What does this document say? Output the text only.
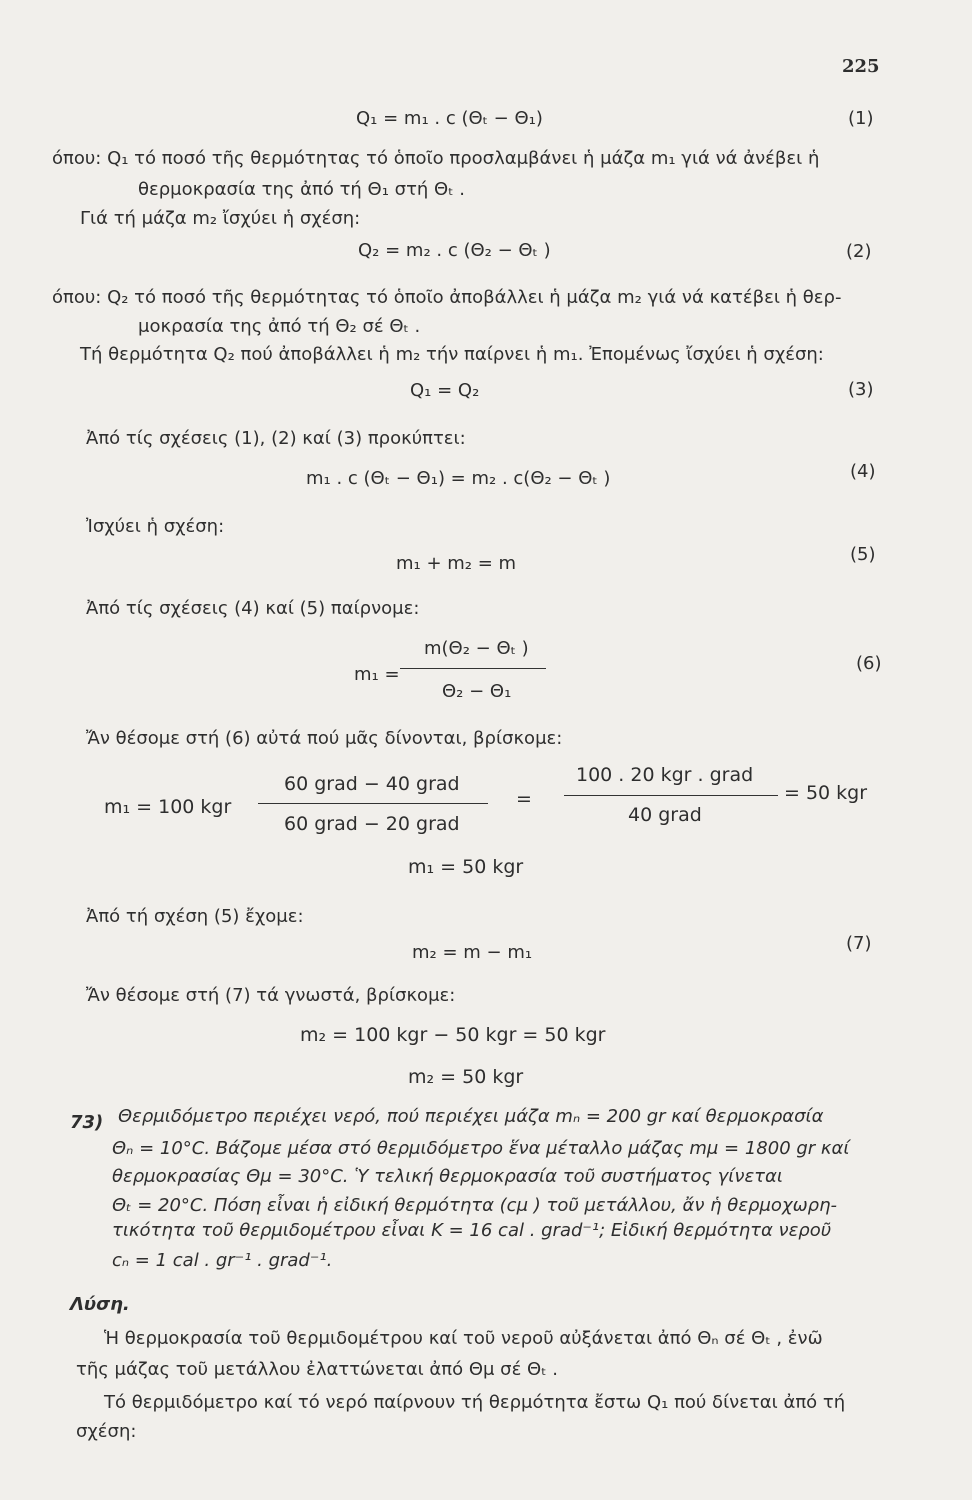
225
Q₁ = m₁ . c (Θₜ − Θ₁)	(1)
όπου: Q₁ τό ποσό τῆς θερμότητας τό ὁποῖο προσλαμβάνει ἡ μάζα m₁ γιά νά ἀνέβει ἡ
θερμοκρασία της ἀπό τή Θ₁ στή Θₜ .
Γιά τή μάζα m₂ ἴσχύει ἡ σχέση:
Q₂ = m₂ . c (Θ₂ − Θₜ )	(2)
όπου: Q₂ τό ποσό τῆς θερμότητας τό ὁποῖο ἀποβάλλει ἡ μάζα m₂ γιά νά κατέβει ἡ θερ-
μοκρασία της ἀπό τή Θ₂ σέ Θₜ .
Τή θερμότητα Q₂ πού ἀποβάλλει ἡ m₂ τήν παίρνει ἡ m₁. Ἐπομένως ἴσχύει ἡ σχέση:
Q₁ = Q₂	(3)
Ἀπό τίς σχέσεις (1), (2) καί (3) προκύπτει:
m₁ . c (Θₜ − Θ₁) = m₂ . c(Θ₂ − Θₜ )	(4)
Ἰσχύει ἡ σχέση:
m₁ + m₂ = m	(5)
Ἀπό τίς σχέσεις (4) καί (5) παίρνομε:
m₁ =
m(Θ₂ − Θₜ )
Θ₂ − Θ₁
(6)
Ἄν θέσομε στή (6) αὐτά πού μᾶς δίνονται, βρίσκομε:
m₁ = 100 kgr
60 grad − 40 grad
60 grad − 20 grad
=
100 . 20 kgr . grad
40 grad
= 50 kgr
m₁ = 50 kgr
Ἀπό τή σχέση (5) ἔχομε:
m₂ = m − m₁	(7)
Ἄν θέσομε στή (7) τά γνωστά, βρίσκομε:
m₂ = 100 kgr − 50 kgr = 50 kgr
m₂ = 50 kgr
73) Θερμιδόμετρο περιέχει νερό, πού περιέχει μάζα mₙ = 200 gr καί θερμοκρασία
Θₙ = 10°C. Βάζομε μέσα στό θερμιδόμετρο ἕνα μέταλλο μάζας mμ = 1800 gr καί
θερμοκρασίας Θμ = 30°C. Ὑ τελική θερμοκρασία τοῦ συστήματος γίνεται
Θₜ = 20°C. Πόση εἶναι ἡ εἰδική θερμότητα (cμ ) τοῦ μετάλλου, ἄν ἡ θερμοχωρη-
τικότητα τοῦ θερμιδομέτρου εἶναι K = 16 cal . grad⁻¹; Εἰδική θερμότητα νεροῦ
cₙ = 1 cal . gr⁻¹ . grad⁻¹.
Λύση.
Ἡ θερμοκρασία τοῦ θερμιδομέτρου καί τοῦ νεροῦ αὐξάνεται ἀπό Θₙ σέ Θₜ , ἐνῶ
τῆς μάζας τοῦ μετάλλου ἐλαττώνεται ἀπό Θμ σέ Θₜ .
Τό θερμιδόμετρο καί τό νερό παίρνουν τή θερμότητα ἔστω Q₁ πού δίνεται ἀπό τή
σχέση:
